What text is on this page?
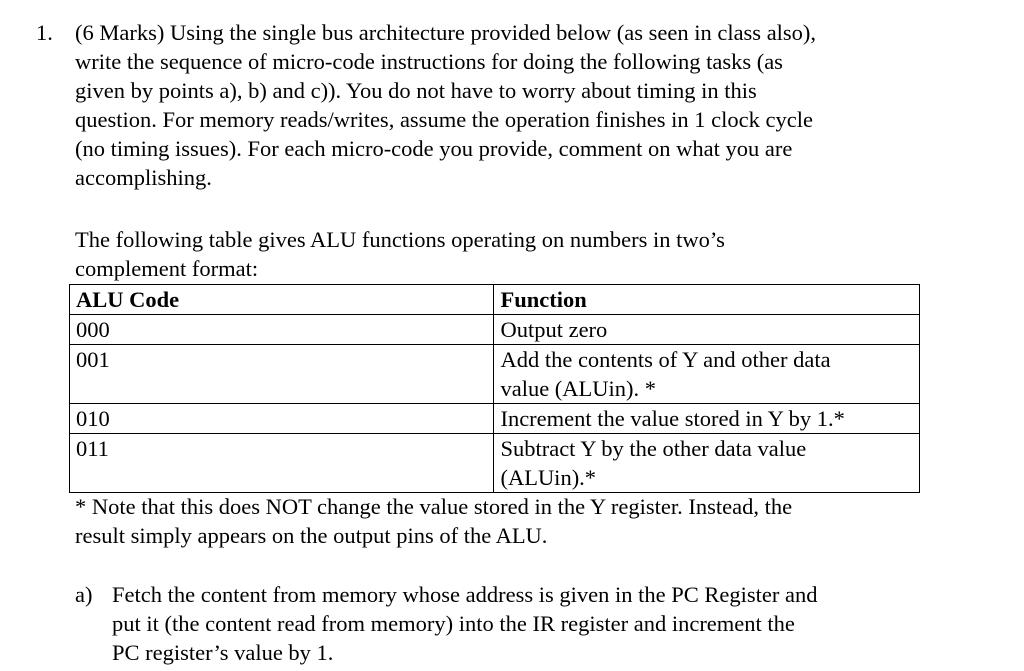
1. (6 Marks) Using the single bus architecture provided below (as seen in class also),
write the sequence of micro-code instructions for doing the following tasks (as
given by points a), b) and c)). You do not have to worry about timing in this
question. For memory reads/writes, assume the operation finishes in 1 clock cycle
(no timing issues). For each micro-code you provide, comment on what you are
accomplishing.
The following table gives ALU functions operating on numbers in two’s
complement format:
ALU Code	Function
000	Output zero

001	Add the contents of Y and other data
value (ALUin). *

010	Increment the value stored in Y by 1.*

011	Subtract Y by the other data value
(ALUin).*
* Note that this does NOT change the value stored in the Y register. Instead, the
result simply appears on the output pins of the ALU.
a) Fetch the content from memory whose address is given in the PC Register and
put it (the content read from memory) into the IR register and increment the
PC register’s value by 1.
